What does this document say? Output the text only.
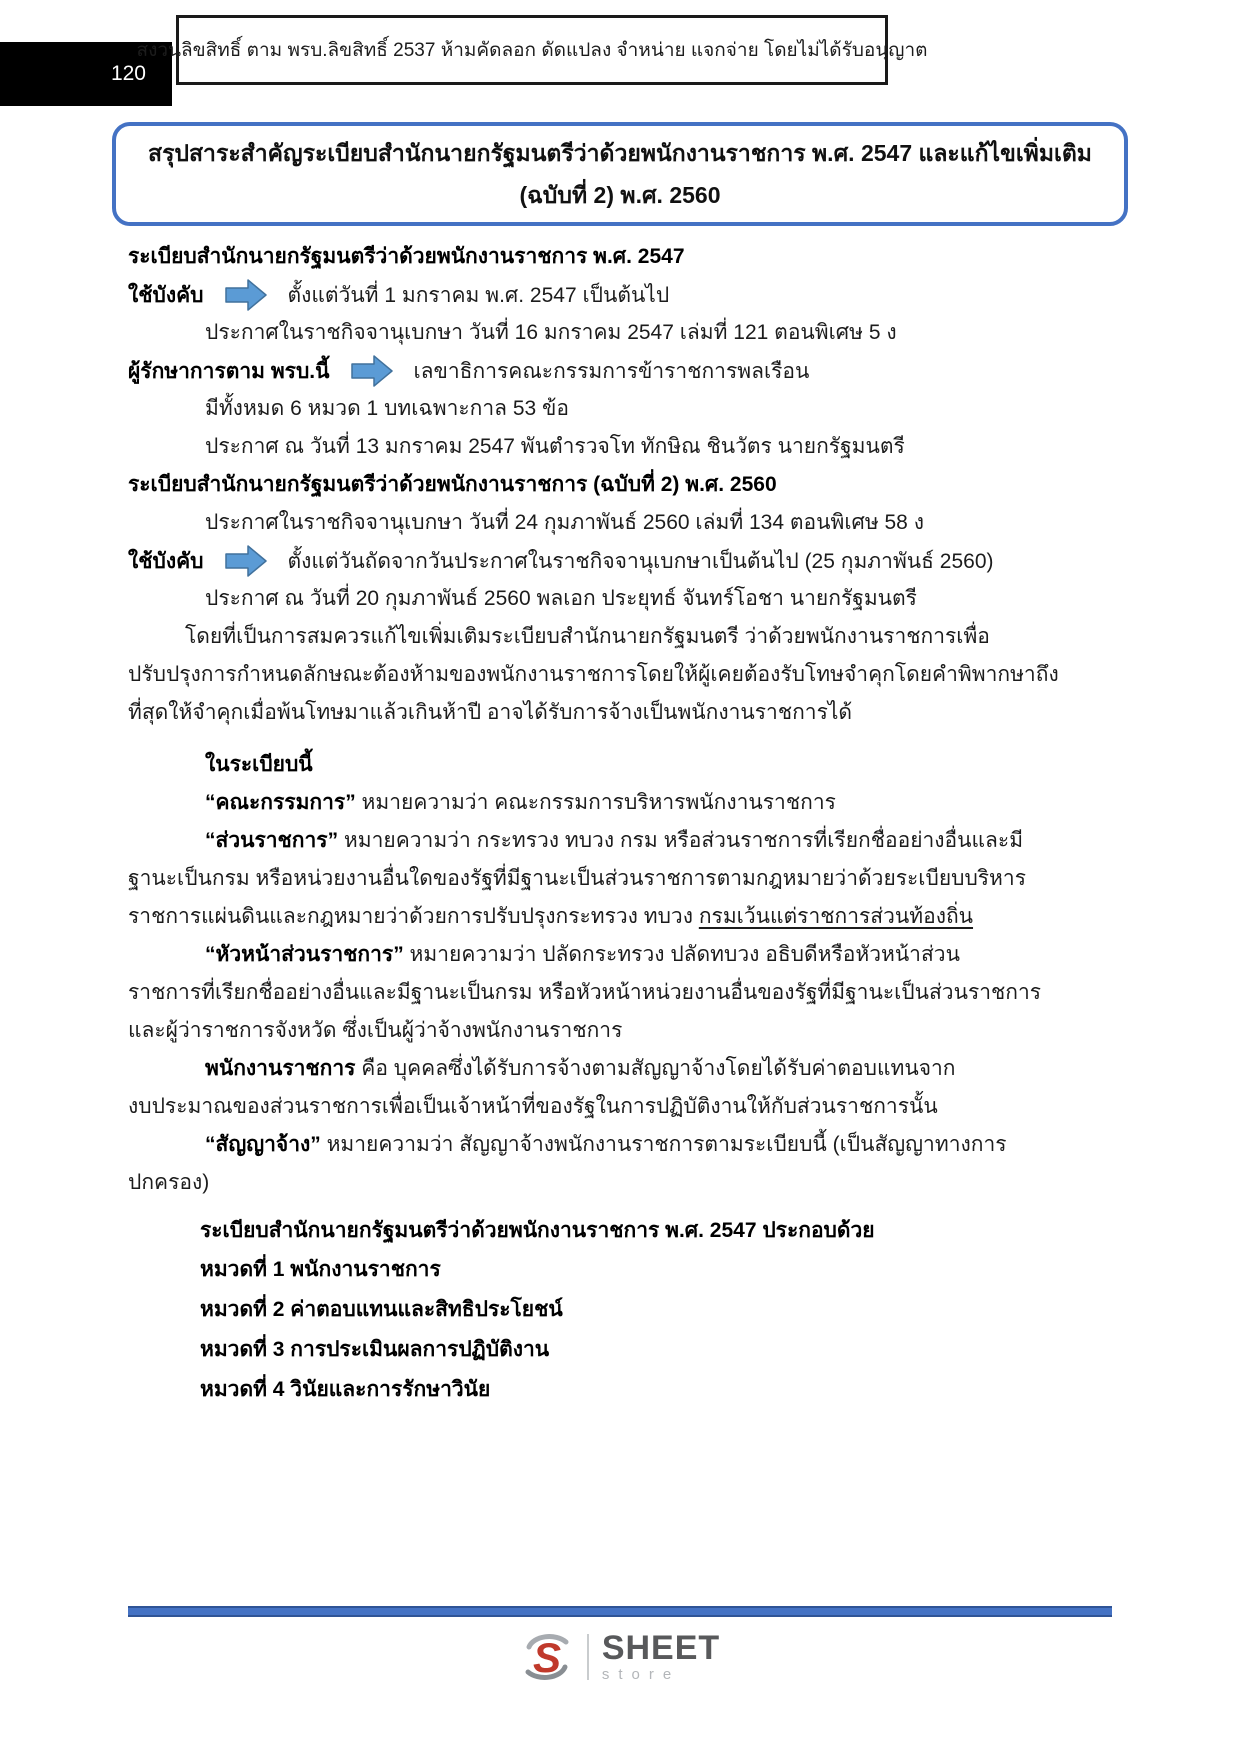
120
สงวนลิขสิทธิ์ ตาม พรบ.ลิขสิทธิ์ 2537 ห้ามคัดลอก ดัดแปลง จำหน่าย แจกจ่าย โดยไม่ได้รับอนุญาต
สรุปสาระสำคัญระเบียบสำนักนายกรัฐมนตรีว่าด้วยพนักงานราชการ พ.ศ. 2547 และแก้ไขเพิ่มเติม
(ฉบับที่ 2) พ.ศ. 2560
ระเบียบสำนักนายกรัฐมนตรีว่าด้วยพนักงานราชการ พ.ศ. 2547
ใช้บังคับ	ตั้งแต่วันที่ 1 มกราคม พ.ศ. 2547 เป็นต้นไป
ประกาศในราชกิจจานุเบกษา วันที่ 16 มกราคม 2547 เล่มที่ 121 ตอนพิเศษ 5 ง
ผู้รักษาการตาม พรบ.นี้	เลขาธิการคณะกรรมการข้าราชการพลเรือน
มีทั้งหมด 6 หมวด 1 บทเฉพาะกาล 53 ข้อ
ประกาศ ณ วันที่ 13 มกราคม 2547 พันตำรวจโท ทักษิณ ชินวัตร นายกรัฐมนตรี
ระเบียบสำนักนายกรัฐมนตรีว่าด้วยพนักงานราชการ (ฉบับที่ 2) พ.ศ. 2560
ประกาศในราชกิจจานุเบกษา วันที่ 24 กุมภาพันธ์ 2560 เล่มที่ 134 ตอนพิเศษ 58 ง
ใช้บังคับ	ตั้งแต่วันถัดจากวันประกาศในราชกิจจานุเบกษาเป็นต้นไป (25 กุมภาพันธ์ 2560)
ประกาศ ณ วันที่ 20 กุมภาพันธ์ 2560 พลเอก ประยุทธ์ จันทร์โอชา นายกรัฐมนตรี
โดยที่เป็นการสมควรแก้ไขเพิ่มเติมระเบียบสำนักนายกรัฐมนตรี ว่าด้วยพนักงานราชการเพื่อ
ปรับปรุงการกำหนดลักษณะต้องห้ามของพนักงานราชการโดยให้ผู้เคยต้องรับโทษจำคุกโดยคำพิพากษาถึง
ที่สุดให้จำคุกเมื่อพ้นโทษมาแล้วเกินห้าปี อาจได้รับการจ้างเป็นพนักงานราชการได้
ในระเบียบนี้
“คณะกรรมการ” หมายความว่า คณะกรรมการบริหารพนักงานราชการ
“ส่วนราชการ” หมายความว่า กระทรวง ทบวง กรม หรือส่วนราชการที่เรียกชื่ออย่างอื่นและมี
ฐานะเป็นกรม หรือหน่วยงานอื่นใดของรัฐที่มีฐานะเป็นส่วนราชการตามกฎหมายว่าด้วยระเบียบบริหาร
ราชการแผ่นดินและกฎหมายว่าด้วยการปรับปรุงกระทรวง ทบวง กรมเว้นแต่ราชการส่วนท้องถิ่น
“หัวหน้าส่วนราชการ” หมายความว่า ปลัดกระทรวง ปลัดทบวง อธิบดีหรือหัวหน้าส่วน
ราชการที่เรียกชื่ออย่างอื่นและมีฐานะเป็นกรม หรือหัวหน้าหน่วยงานอื่นของรัฐที่มีฐานะเป็นส่วนราชการ
และผู้ว่าราชการจังหวัด ซึ่งเป็นผู้ว่าจ้างพนักงานราชการ
พนักงานราชการ คือ บุคคลซึ่งได้รับการจ้างตามสัญญาจ้างโดยได้รับค่าตอบแทนจาก
งบประมาณของส่วนราชการเพื่อเป็นเจ้าหน้าที่ของรัฐในการปฏิบัติงานให้กับส่วนราชการนั้น
“สัญญาจ้าง” หมายความว่า สัญญาจ้างพนักงานราชการตามระเบียบนี้ (เป็นสัญญาทางการ
ปกครอง)
ระเบียบสำนักนายกรัฐมนตรีว่าด้วยพนักงานราชการ พ.ศ. 2547 ประกอบด้วย
หมวดที่ 1 พนักงานราชการ
หมวดที่ 2 ค่าตอบแทนและสิทธิประโยชน์
หมวดที่ 3 การประเมินผลการปฏิบัติงาน
หมวดที่ 4 วินัยและการรักษาวินัย
S SHEET
store
